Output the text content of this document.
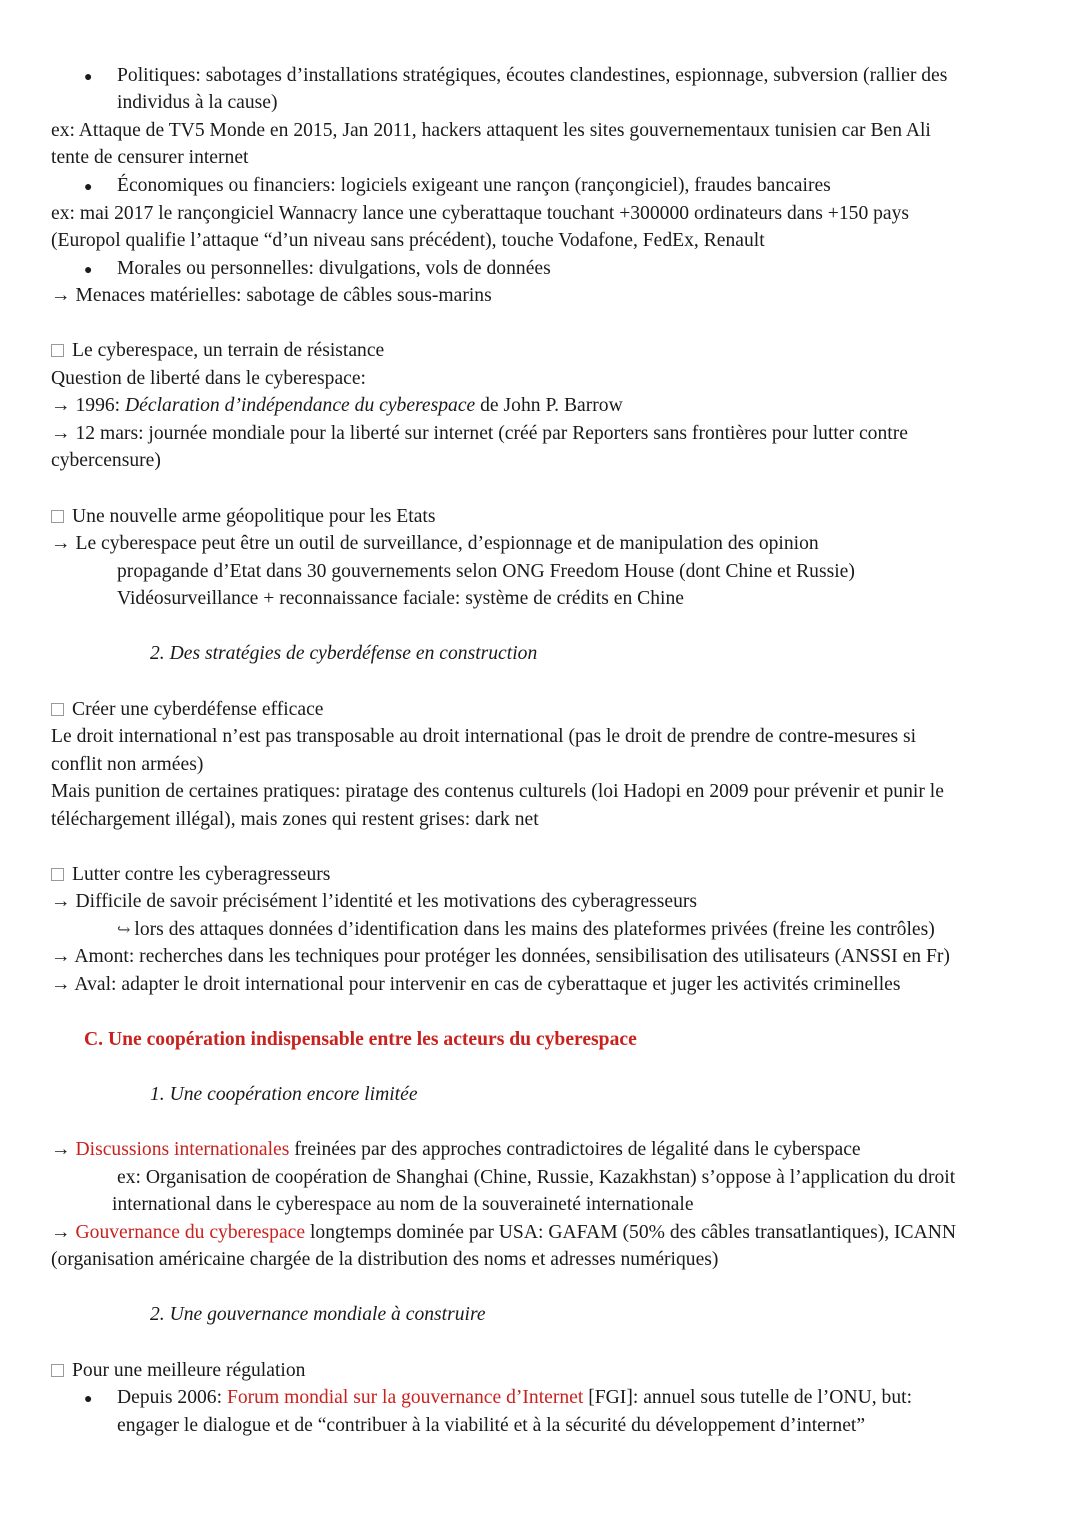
● Politiques: sabotages d’installations stratégiques, écoutes clandestines, espionnage, subversion (rallier des
individus à la cause)
ex: Attaque de TV5 Monde en 2015, Jan 2011, hackers attaquent les sites gouvernementaux tunisien car Ben Ali
tente de censurer internet
● Économiques ou financiers: logiciels exigeant une rançon (rançongiciel), fraudes bancaires
ex: mai 2017 le rançongiciel Wannacry lance une cyberattaque touchant +300000 ordinateurs dans +150 pays
(Europol qualifie l’attaque “d’un niveau sans précédent), touche Vodafone, FedEx, Renault
● Morales ou personnelles: divulgations, vols de données
→ Menaces matérielles: sabotage de câbles sous-marins
Le cyberespace, un terrain de résistance
Question de liberté dans le cyberespace:
→ 1996: Déclaration d’indépendance du cyberespace de John P. Barrow
→ 12 mars: journée mondiale pour la liberté sur internet (créé par Reporters sans frontières pour lutter contre
cybercensure)
Une nouvelle arme géopolitique pour les Etats
→ Le cyberespace peut être un outil de surveillance, d’espionnage et de manipulation des opinion
propagande d’Etat dans 30 gouvernements selon ONG Freedom House (dont Chine et Russie)
Vidéosurveillance + reconnaissance faciale: système de crédits en Chine
2. Des stratégies de cyberdéfense en construction
Créer une cyberdéfense efficace
Le droit international n’est pas transposable au droit international (pas le droit de prendre de contre-mesures si
conflit non armées)
Mais punition de certaines pratiques: piratage des contenus culturels (loi Hadopi en 2009 pour prévenir et punir le
téléchargement illégal), mais zones qui restent grises: dark net
Lutter contre les cyberagresseurs
→ Difficile de savoir précisément l’identité et les motivations des cyberagresseurs
↪ lors des attaques données d’identification dans les mains des plateformes privées (freine les contrôles)
→ Amont: recherches dans les techniques pour protéger les données, sensibilisation des utilisateurs (ANSSI en Fr)
→ Aval: adapter le droit international pour intervenir en cas de cyberattaque et juger les activités criminelles
C. Une coopération indispensable entre les acteurs du cyberespace
1. Une coopération encore limitée
→ Discussions internationales freinées par des approches contradictoires de légalité dans le cyberspace
ex: Organisation de coopération de Shanghai (Chine, Russie, Kazakhstan) s’oppose à l’application du droit
international dans le cyberespace au nom de la souveraineté internationale
→ Gouvernance du cyberespace longtemps dominée par USA: GAFAM (50% des câbles transatlantiques), ICANN
(organisation américaine chargée de la distribution des noms et adresses numériques)
2. Une gouvernance mondiale à construire
Pour une meilleure régulation
● Depuis 2006: Forum mondial sur la gouvernance d’Internet [FGI]: annuel sous tutelle de l’ONU, but:
engager le dialogue et de “contribuer à la viabilité et à la sécurité du développement d’internet”
